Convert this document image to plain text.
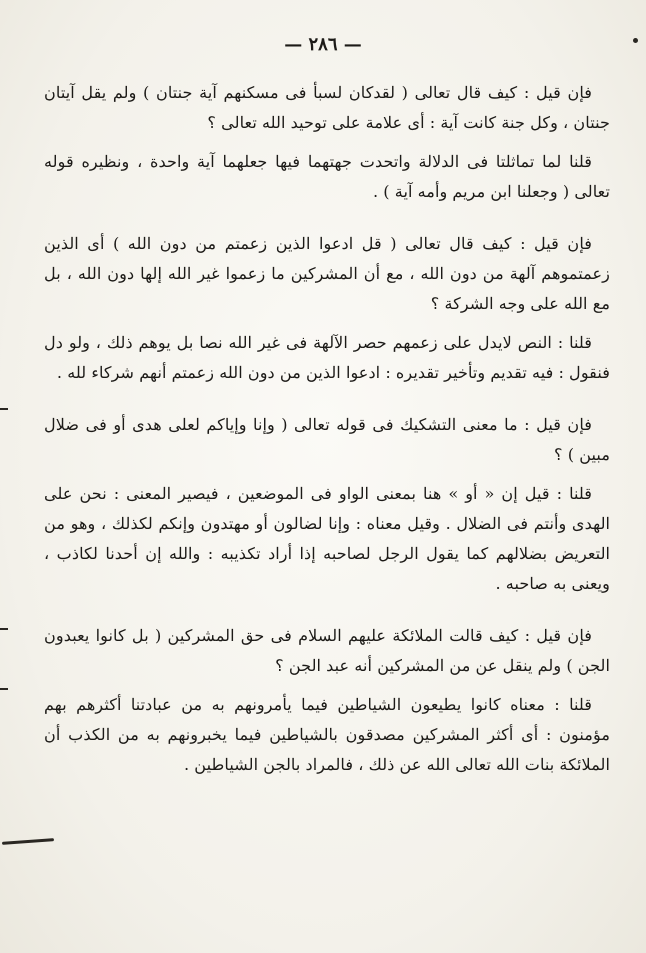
— ٢٨٦ —

فإن قيل : كيف قال تعالى ( لقدكان لسبأ فى مسكنهم آية جنتان ) ولم يقل آيتان جنتان ، وكل جنة كانت آية : أى علامة على توحيد الله تعالى ؟

قلنا لما تماثلتا فى الدلالة واتحدت جهتهما فيها جعلهما آية واحدة ، ونظيره قوله تعالى ( وجعلنا ابن مريم وأمه آية ) .

فإن قيل : كيف قال تعالى ( قل ادعوا الذين زعمتم من دون الله ) أى الذين زعمتموهم آلهة من دون الله ، مع أن المشركين ما زعموا غير الله إلها دون الله ، بل مع الله على وجه الشركة ؟

قلنا : النص لايدل على زعمهم حصر الآلهة فى غير الله نصا بل يوهم ذلك ، ولو دل فنقول : فيه تقديم وتأخير تقديره : ادعوا الذين من دون الله زعمتم أنهم شركاء لله .

فإن قيل : ما معنى التشكيك فى قوله تعالى ( وإنا وإياكم لعلى هدى أو فى ضلال مبين ) ؟

قلنا : قيل إن « أو » هنا بمعنى الواو فى الموضعين ، فيصير المعنى : نحن على الهدى وأنتم فى الضلال . وقيل معناه : وإنا لضالون أو مهتدون وإنكم لكذلك ، وهو من التعريض بضلالهم كما يقول الرجل لصاحبه إذا أراد تكذيبه : والله إن أحدنا لكاذب ، ويعنى به صاحبه .

فإن قيل : كيف قالت الملائكة عليهم السلام فى حق المشركين ( بل كانوا يعبدون الجن ) ولم ينقل عن من المشركين أنه عبد الجن ؟

قلنا : معناه كانوا يطيعون الشياطين فيما يأمرونهم به من عبادتنا أكثرهم بهم مؤمنون : أى أكثر المشركين مصدقون بالشياطين فيما يخبرونهم به من الكذب أن الملائكة بنات الله تعالى الله عن ذلك ، فالمراد بالجن الشياطين .
